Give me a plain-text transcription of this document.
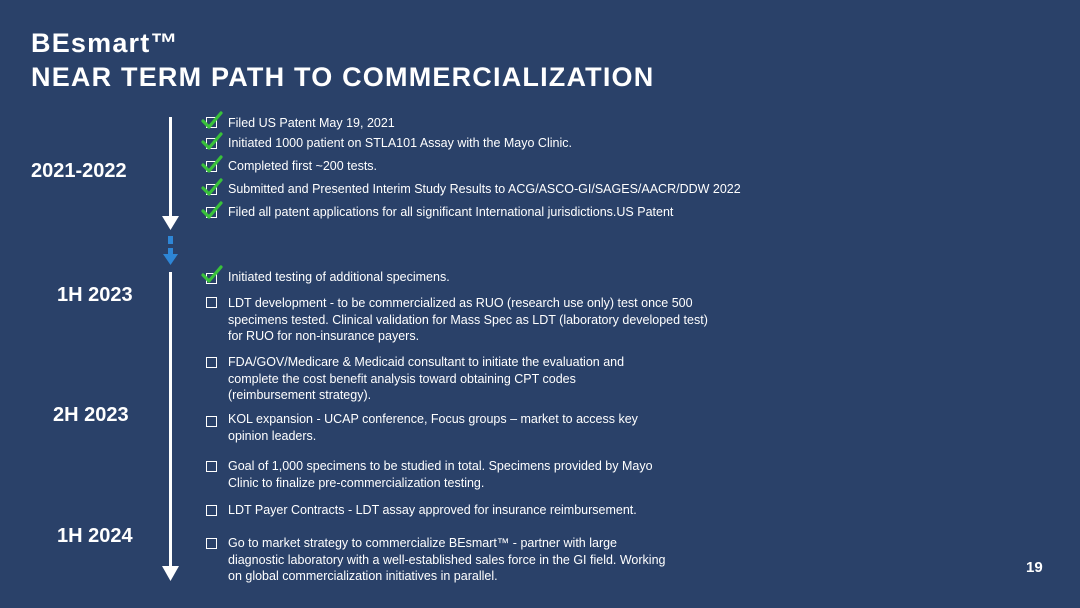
BEsmart™
NEAR TERM PATH TO COMMERCIALIZATION
2021-2022
1H 2023
2H 2023
1H 2024
Filed US Patent May 19, 2021
Initiated 1000 patient on STLA101 Assay with the Mayo Clinic.
Completed first ~200 tests.
Submitted and Presented Interim Study Results to ACG/ASCO-GI/SAGES/AACR/DDW 2022
Filed all patent applications for all significant International jurisdictions.US Patent
Initiated testing of additional specimens.
LDT development - to be commercialized as RUO (research use only) test once 500 specimens tested. Clinical validation for Mass Spec as LDT (laboratory developed test) for RUO for non-insurance payers.
FDA/GOV/Medicare & Medicaid consultant to initiate the evaluation and complete the cost benefit analysis toward obtaining CPT codes (reimbursement strategy).
KOL expansion - UCAP conference, Focus groups – market to access key opinion leaders.
Goal of 1,000 specimens to be studied in total. Specimens provided by Mayo Clinic to finalize pre-commercialization testing.
LDT Payer Contracts - LDT assay approved for insurance reimbursement.
Go to market strategy to commercialize BEsmart™ - partner with large diagnostic laboratory with a well-established sales force in the GI field. Working on global commercialization initiatives in parallel.	19
